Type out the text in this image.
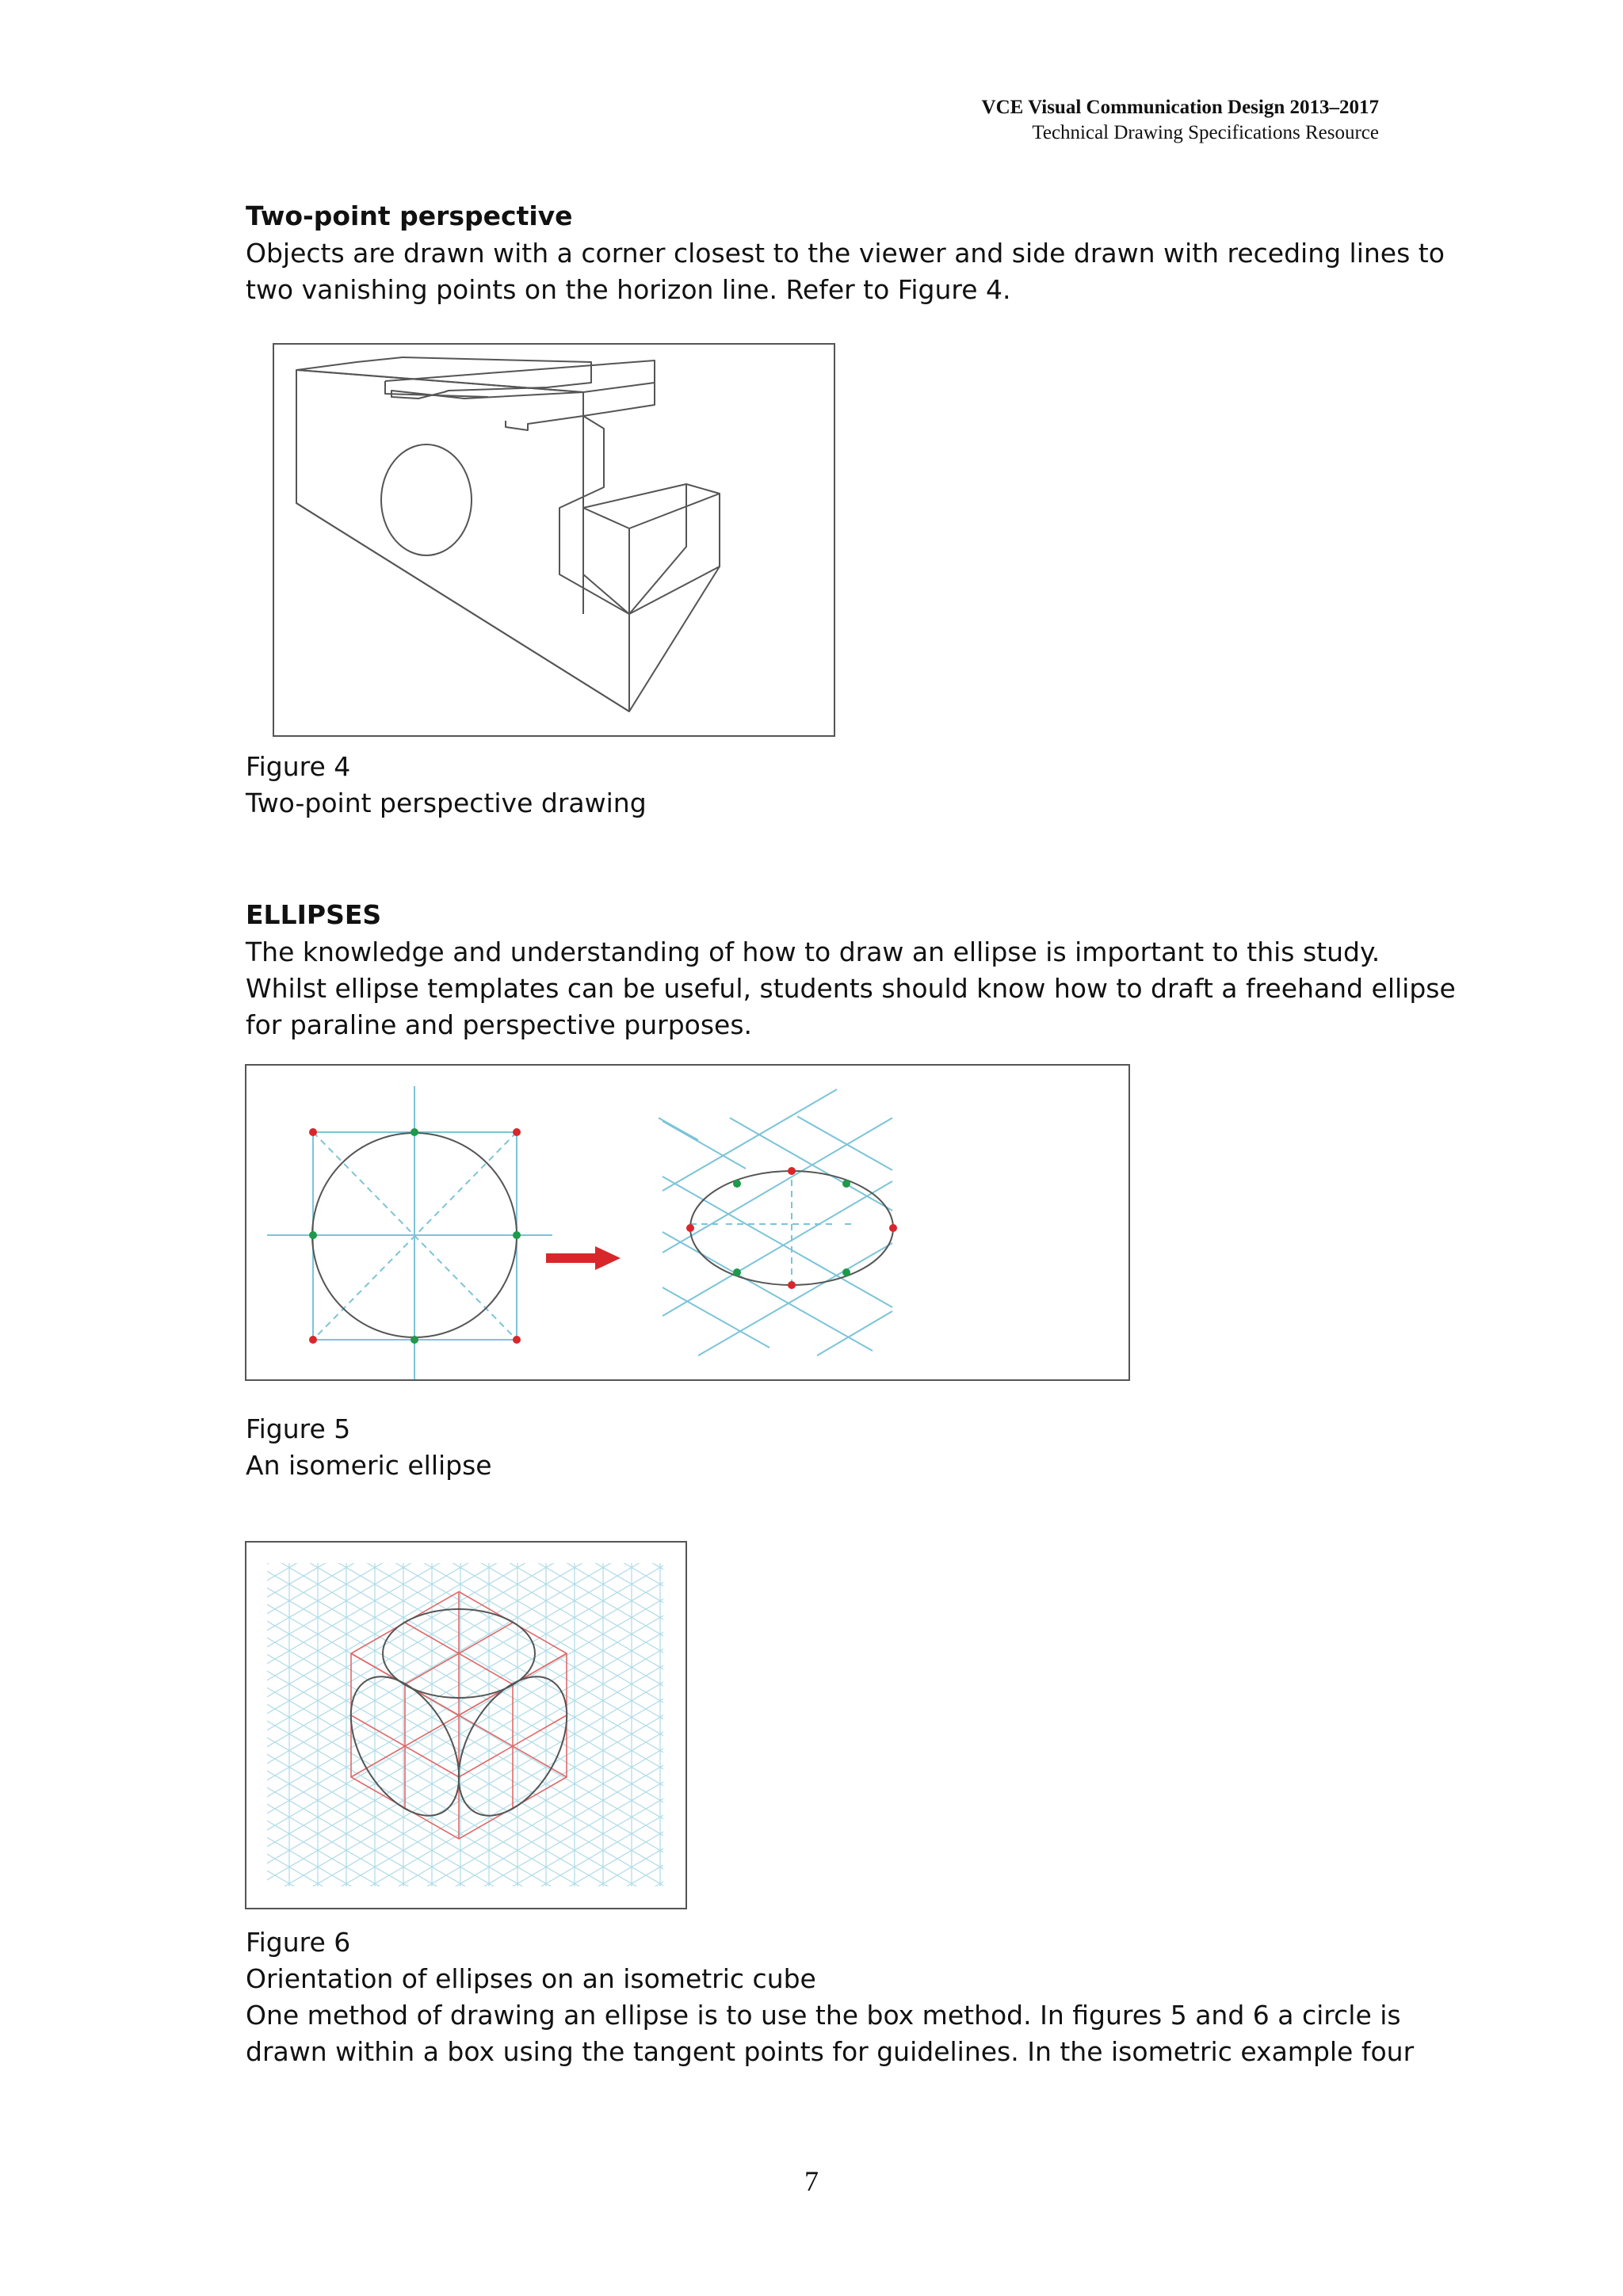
VCE Visual Communication Design 2013–2017
Technical Drawing Specifications Resource
Two-point perspective
Objects are drawn with a corner closest to the viewer and side drawn with receding lines to
two vanishing points on the horizon line. Refer to Figure 4.
Figure 4
Two-point perspective drawing
ELLIPSES
The knowledge and understanding of how to draw an ellipse is important to this study.
Whilst ellipse templates can be useful, students should know how to draft a freehand ellipse
for paraline and perspective purposes.
Figure 5
An isomeric ellipse
Figure 6
Orientation of ellipses on an isometric cube
One method of drawing an ellipse is to use the box method. In figures 5 and 6 a circle is
drawn within a box using the tangent points for guidelines. In the isometric example four
7
